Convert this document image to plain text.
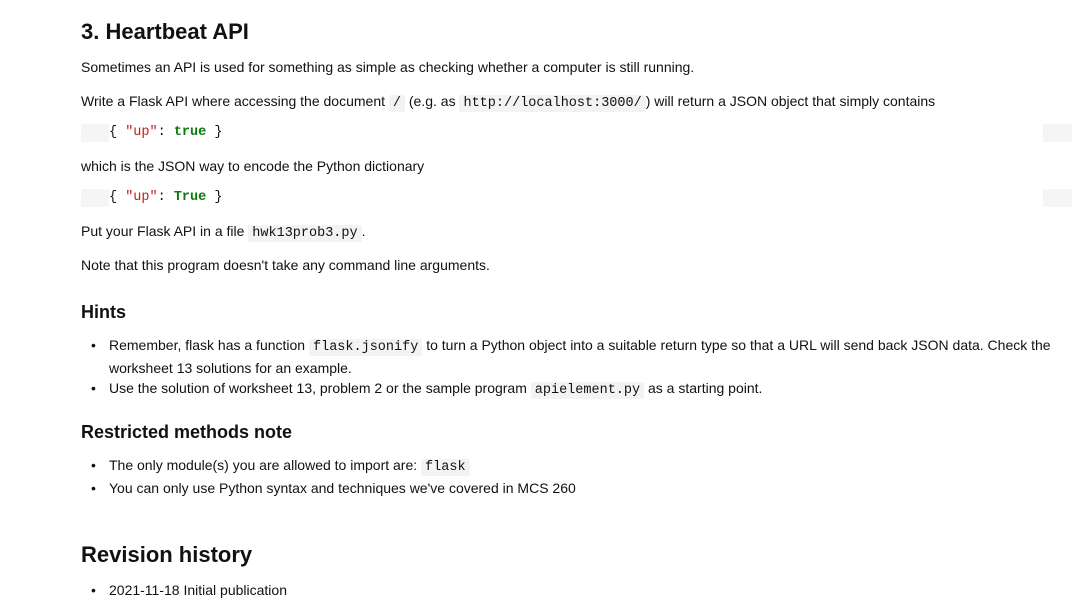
3. Heartbeat API

Sometimes an API is used for something as simple as checking whether a computer is still running.

Write a Flask API where accessing the document / (e.g. as http://localhost:3000/ ) will return a JSON object that simply contains

{ "up": true }

which is the JSON way to encode the Python dictionary

{ "up": True }

Put your Flask API in a file hwk13prob3.py .

Note that this program doesn't take any command line arguments.

Hints
• Remember, flask has a function flask.jsonify to turn a Python object into a suitable return type so that a URL will send back JSON data. Check the
worksheet 13 solutions for an example.
• Use the solution of worksheet 13, problem 2 or the sample program apielement.py as a starting point.
Restricted methods note
• The only module(s) you are allowed to import are: flask
• You can only use Python syntax and techniques we've covered in MCS 260
Revision history
• 2021-11-18 Initial publication
